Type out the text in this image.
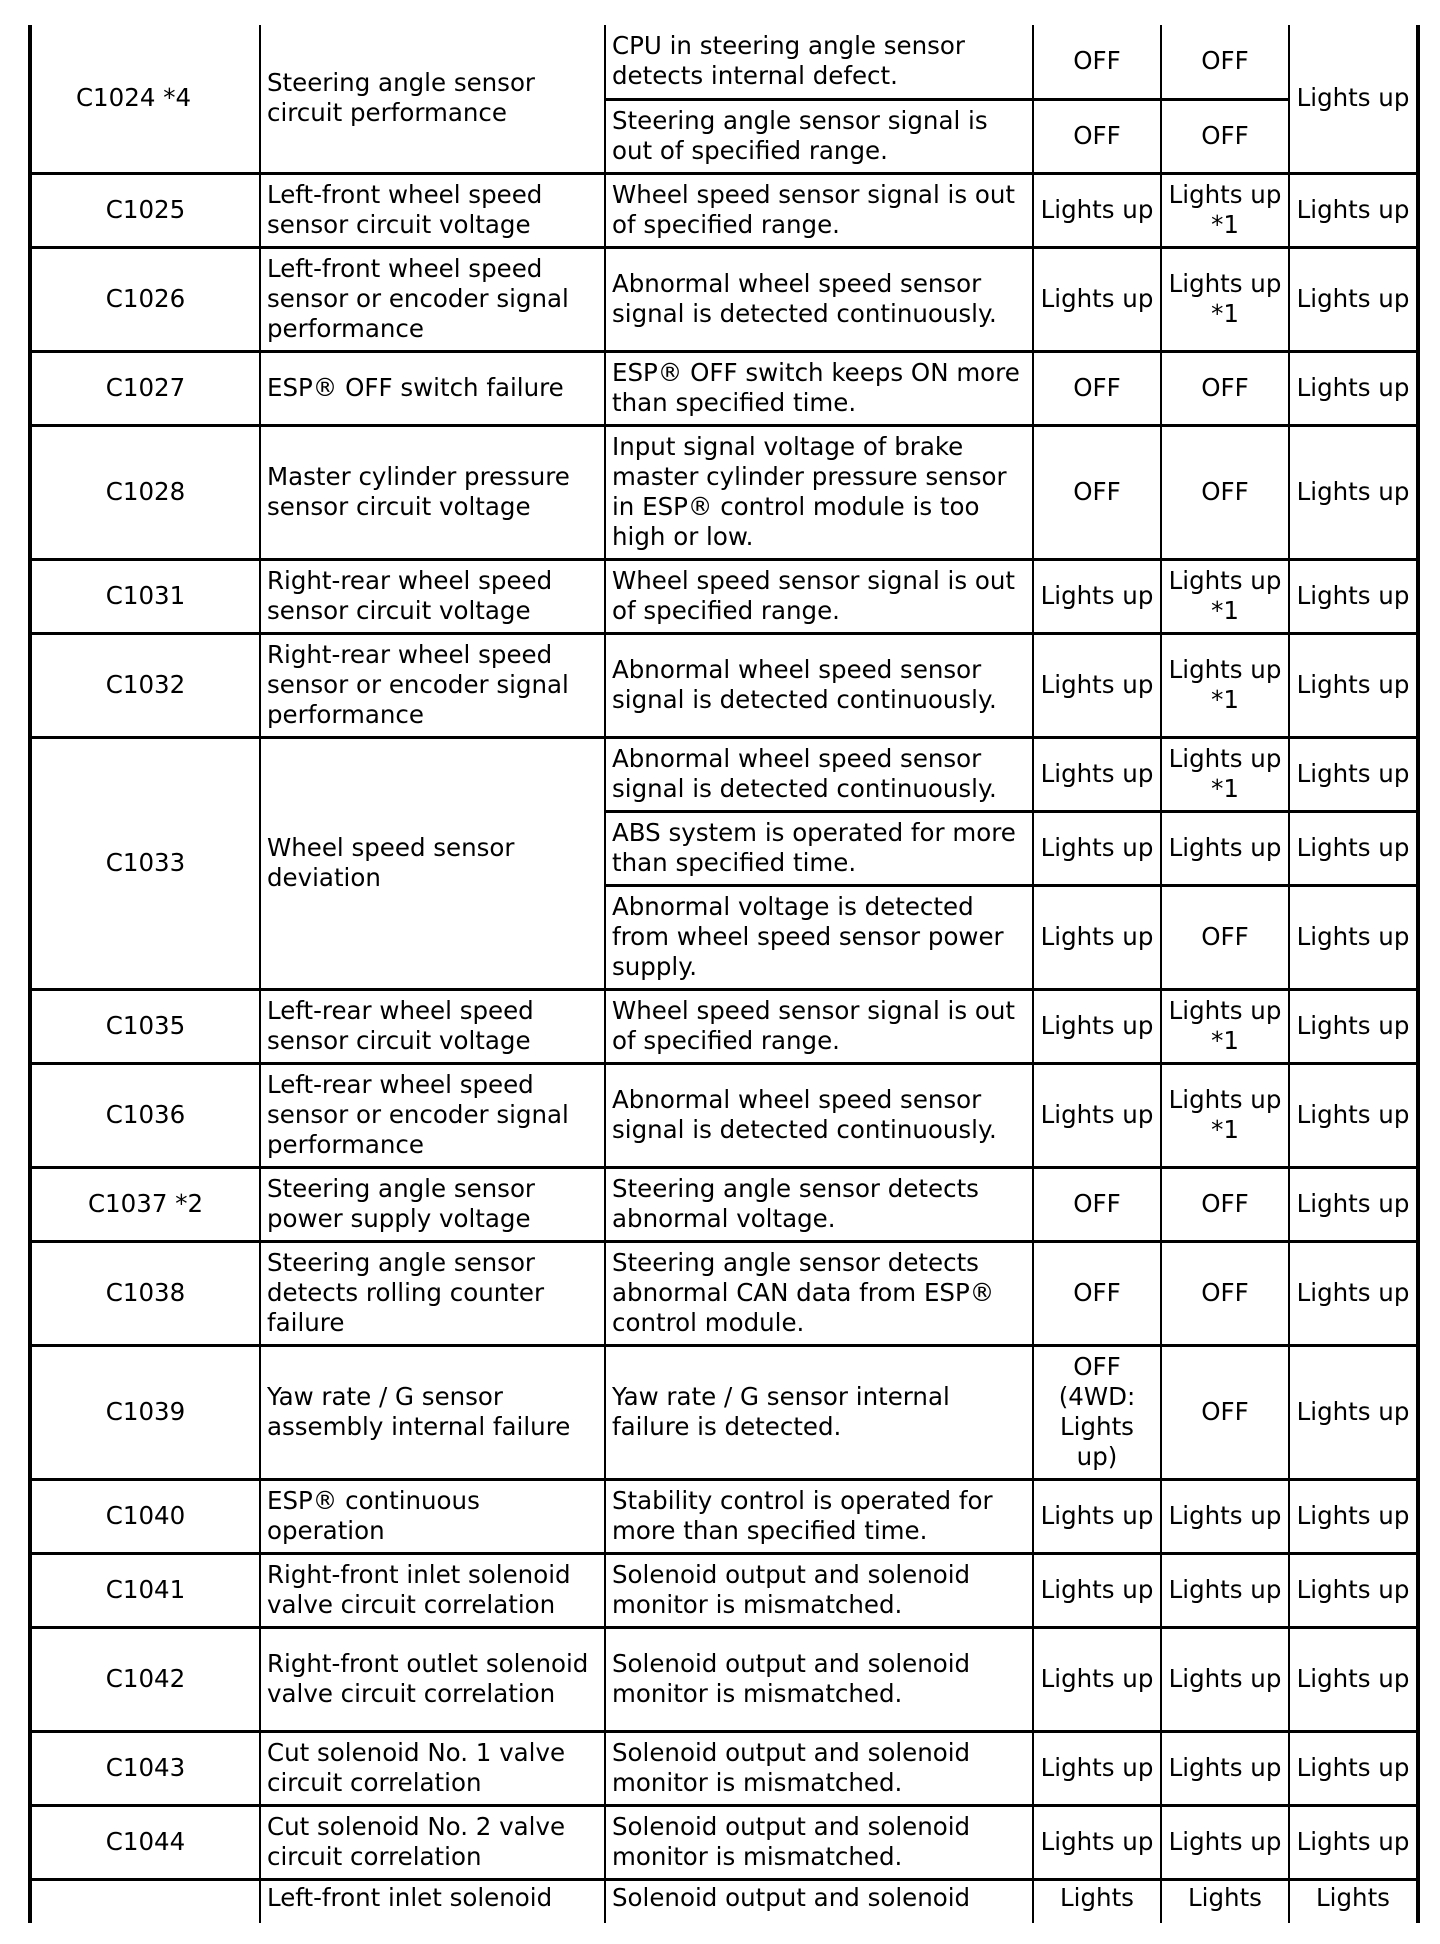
C1024 *4	Steering angle sensor circuit performance	CPU in steering angle sensor detects internal defect.	OFF	OFF	Lights up

		Steering angle sensor signal is out of specified range.	OFF	OFF	

C1025	Left-front wheel speed sensor circuit voltage	Wheel speed sensor signal is out of specified range.	Lights up	Lights up *1	Lights up

C1026	Left-front wheel speed sensor or encoder signal performance	Abnormal wheel speed sensor signal is detected continuously.	Lights up	Lights up *1	Lights up

C1027	ESP® OFF switch failure	ESP® OFF switch keeps ON more than specified time.	OFF	OFF	Lights up

C1028	Master cylinder pressure sensor circuit voltage	Input signal voltage of brake master cylinder pressure sensor in ESP® control module is too high or low.	OFF	OFF	Lights up

C1031	Right-rear wheel speed sensor circuit voltage	Wheel speed sensor signal is out of specified range.	Lights up	Lights up *1	Lights up

C1032	Right-rear wheel speed sensor or encoder signal performance	Abnormal wheel speed sensor signal is detected continuously.	Lights up	Lights up *1	Lights up

C1033	Wheel speed sensor deviation	Abnormal wheel speed sensor signal is detected continuously.	Lights up	Lights up *1	Lights up

		ABS system is operated for more than specified time.	Lights up	Lights up	Lights up

		Abnormal voltage is detected from wheel speed sensor power supply.	Lights up	OFF	Lights up

C1035	Left-rear wheel speed sensor circuit voltage	Wheel speed sensor signal is out of specified range.	Lights up	Lights up *1	Lights up

C1036	Left-rear wheel speed sensor or encoder signal performance	Abnormal wheel speed sensor signal is detected continuously.	Lights up	Lights up *1	Lights up

C1037 *2	Steering angle sensor power supply voltage	Steering angle sensor detects abnormal voltage.	OFF	OFF	Lights up

C1038	Steering angle sensor detects rolling counter failure	Steering angle sensor detects abnormal CAN data from ESP® control module.	OFF	OFF	Lights up

C1039	Yaw rate / G sensor assembly internal failure	Yaw rate / G sensor internal failure is detected.	OFF (4WD: Lights up)	OFF	Lights up

C1040	ESP® continuous operation	Stability control is operated for more than specified time.	Lights up	Lights up	Lights up

C1041	Right-front inlet solenoid valve circuit correlation	Solenoid output and solenoid monitor is mismatched.	Lights up	Lights up	Lights up

C1042	Right-front outlet solenoid valve circuit correlation	Solenoid output and solenoid monitor is mismatched.	Lights up	Lights up	Lights up

C1043	Cut solenoid No. 1 valve circuit correlation	Solenoid output and solenoid monitor is mismatched.	Lights up	Lights up	Lights up

C1044	Cut solenoid No. 2 valve circuit correlation	Solenoid output and solenoid monitor is mismatched.	Lights up	Lights up	Lights up

	Left-front inlet solenoid	Solenoid output and solenoid	Lights	Lights	Lights
